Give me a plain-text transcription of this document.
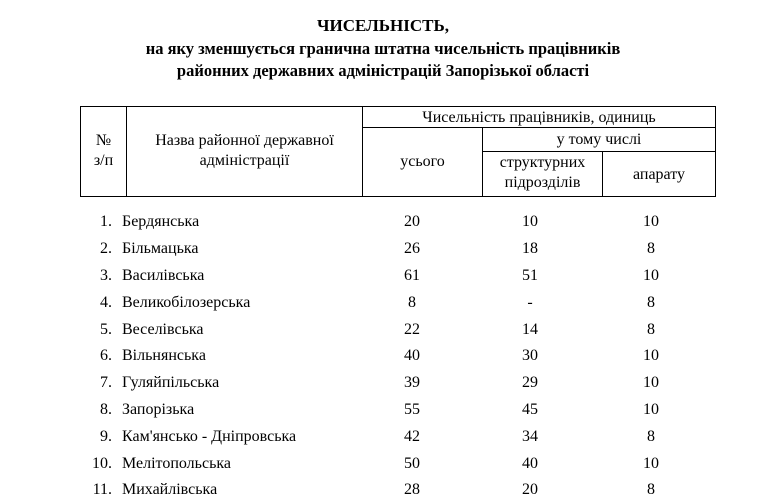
ЧИСЕЛЬНІСТЬ,
на яку зменшується гранична штатна чисельність працівників
районних державних адміністрацій Запорізької області
№
з/п
Назва районної державної
адміністрації
Чисельність працівників, одиниць
усього
у тому числі
структурних
підрозділів	апарату
1. Бердянська	20	10	10
2. Більмацька	26	18	8
3. Василівська	61	51	10
4. Великобілозерська	8	-	8
5. Веселівська	22	14	8
6. Вільнянська	40	30	10
7. Гуляйпільська	39	29	10
8. Запорізька	55	45	10
9. Кам'янсько - Дніпровська	42	34	8
10. Мелітопольська	50	40	10
11. Михайлівська	28	20	8
